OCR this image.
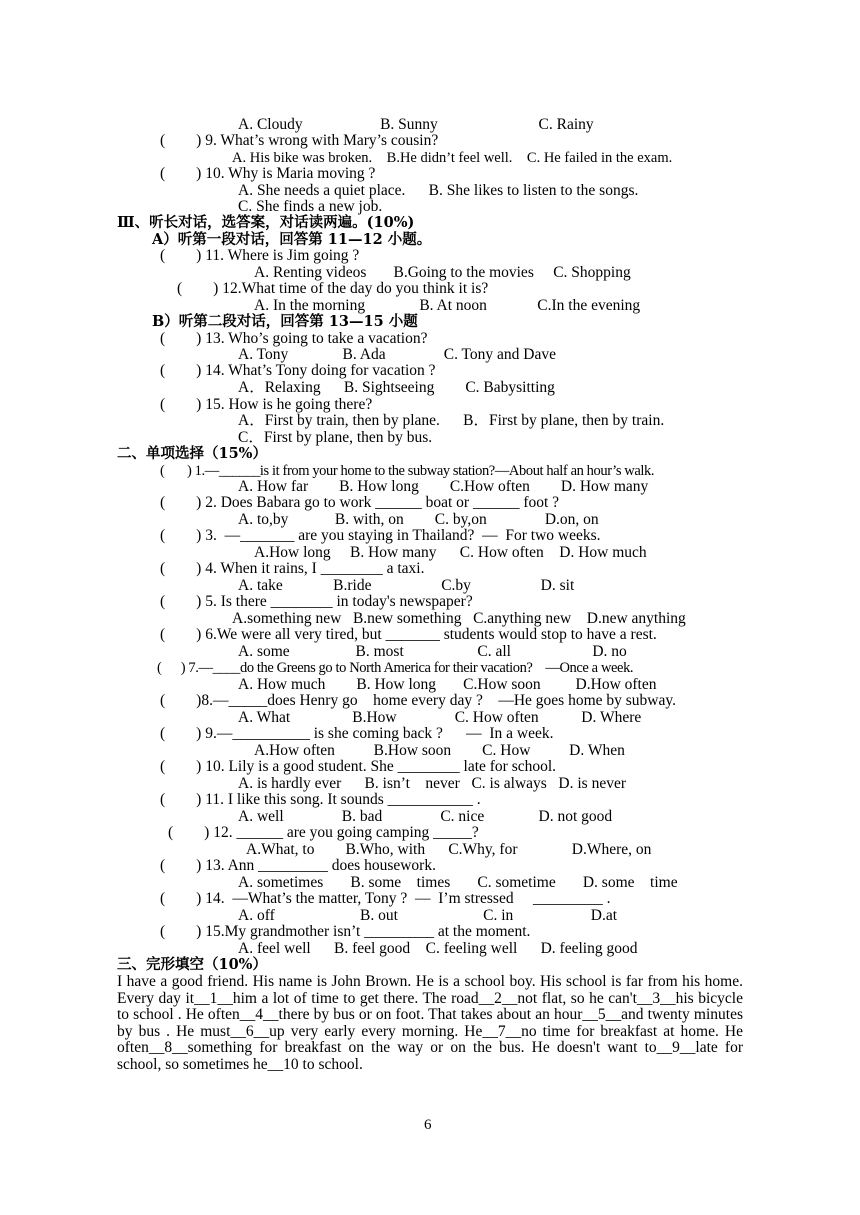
A. Cloudy                    B. Sunny                          C. Rainy
(        ) 9. What’s wrong with Mary’s cousin?
A. His bike was broken.    B.He didn’t feel well.    C. He failed in the exam.
(        ) 10. Why is Maria moving ?
A. She needs a quiet place.      B. She likes to listen to the songs.
C. She finds a new job.
(        ) 11. Where is Jim going ?
A. Renting videos       B.Going to the movies     C. Shopping
(        ) 12.What time of the day do you think it is?
A. In the morning              B. At noon             C.In the evening
(        ) 13. Who’s going to take a vacation?
A. Tony              B. Ada               C. Tony and Dave
(        ) 14. What’s Tony doing for vacation ?
A．Relaxing      B. Sightseeing        C. Babysitting
(        ) 15. How is he going there?
A．First by train, then by plane.      B．First by plane, then by train.
C．First by plane, then by bus.
(       ) 1.—______is it from your home to the subway station?—About half an hour’s walk.
A. How far        B. How long        C.How often        D. How many
(        ) 2. Does Babara go to work ______ boat or ______ foot ?
A. to,by            B. with, on        C. by,on               D.on, on
(        ) 3.  —_______ are you staying in Thailand?  —  For two weeks.
A.How long     B. How many      C. How often    D. How much
(        ) 4. When it rains, I ________ a taxi.
A. take             B.ride                  C.by                  D. sit
(        ) 5. Is there ________ in today's newspaper?
A.something new   B.new something   C.anything new    D.new anything
(        ) 6.We were all very tired, but _______ students would stop to have a rest.
A. some                 B. most                   C. all                     D. no
(      ) 7.—____do the Greens go to North America for their vacation?    —Once a week.
A. How much        B. How long       C.How soon         D.How often
(        )8.—_____does Henry go    home every day ?    —He goes home by subway.
A. What                B.How               C. How often           D. Where
(        ) 9.—__________ is she coming back ?      —  In a week.
A.How often          B.How soon        C. How          D. When
(        ) 10. Lily is a good student. She ________ late for school.
A. is hardly ever      B. isn’t    never   C. is always   D. is never
(        ) 11. I like this song. It sounds ___________ .
A. well               B. bad               C. nice              D. not good
(        ) 12. ______ are you going camping _____?
A.What, to        B.Who, with      C.Why, for              D.Where, on
(        ) 13. Ann _________ does housework.
A. sometimes       B. some    times       C. sometime       D. some    time
(        ) 14.  —What’s the matter, Tony ?  —  I’m stressed     _________ .
A. off                      B. out                      C. in                    D.at
(        ) 15.My grandmother isn’t _________ at the moment.
A. feel well      B. feel good    C. feeling well      D. feeling good
Ⅲ、听长对话，选答案，对话读两遍。(10%)
A）听第一段对话，回答第 11—12 小题。
B）听第二段对话，回答第 13—15 小题
二、单项选择（15%）
三、完形填空（10%）
I have a good friend. His name is John Brown. He is a school boy. His school is far from his home. Every day it__1__him a lot of time to get there. The road__2__not flat, so he can't__3__his bicycle to school . He often__4__there by bus or on foot. That takes about an hour__5__and twenty minutes by bus . He must__6__up very early every morning. He__7__no time for breakfast at home. He often__8__something for breakfast on the way or on the bus. He doesn't want to__9__late for school, so sometimes he__10 to school.
6
